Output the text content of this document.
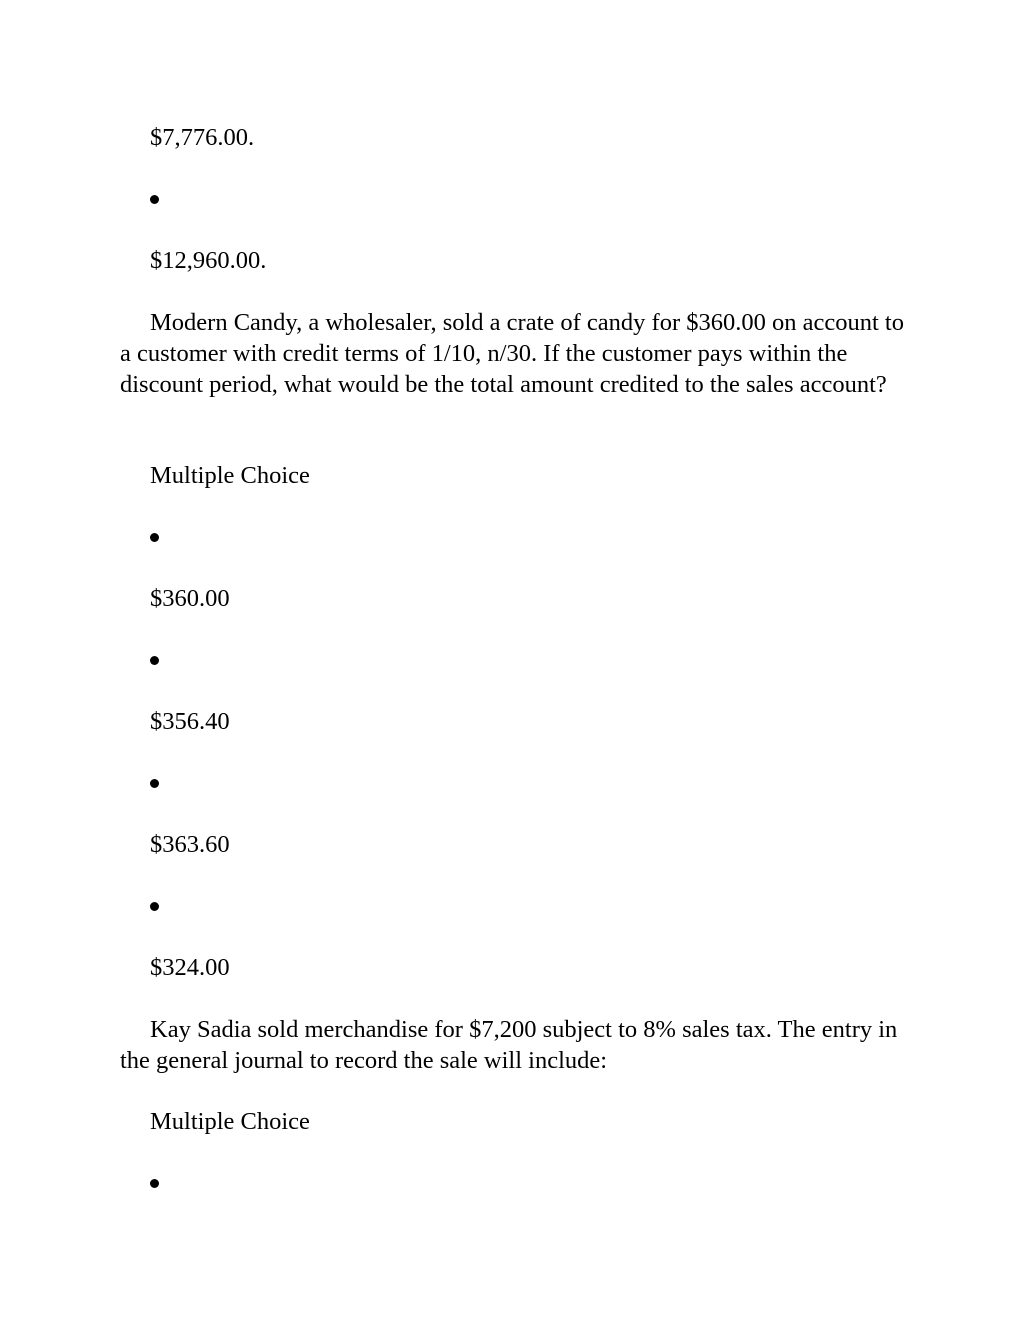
$7,776.00.
$12,960.00.

Modern Candy, a wholesaler, sold a crate of candy for $360.00 on account to a customer with credit terms of 1/10, n/30. If the customer pays within the discount period, what would be the total amount credited to the sales account?

Multiple Choice
$360.00
$356.40
$363.60
$324.00

Kay Sadia sold merchandise for $7,200 subject to 8% sales tax. The entry in the general journal to record the sale will include:

Multiple Choice
